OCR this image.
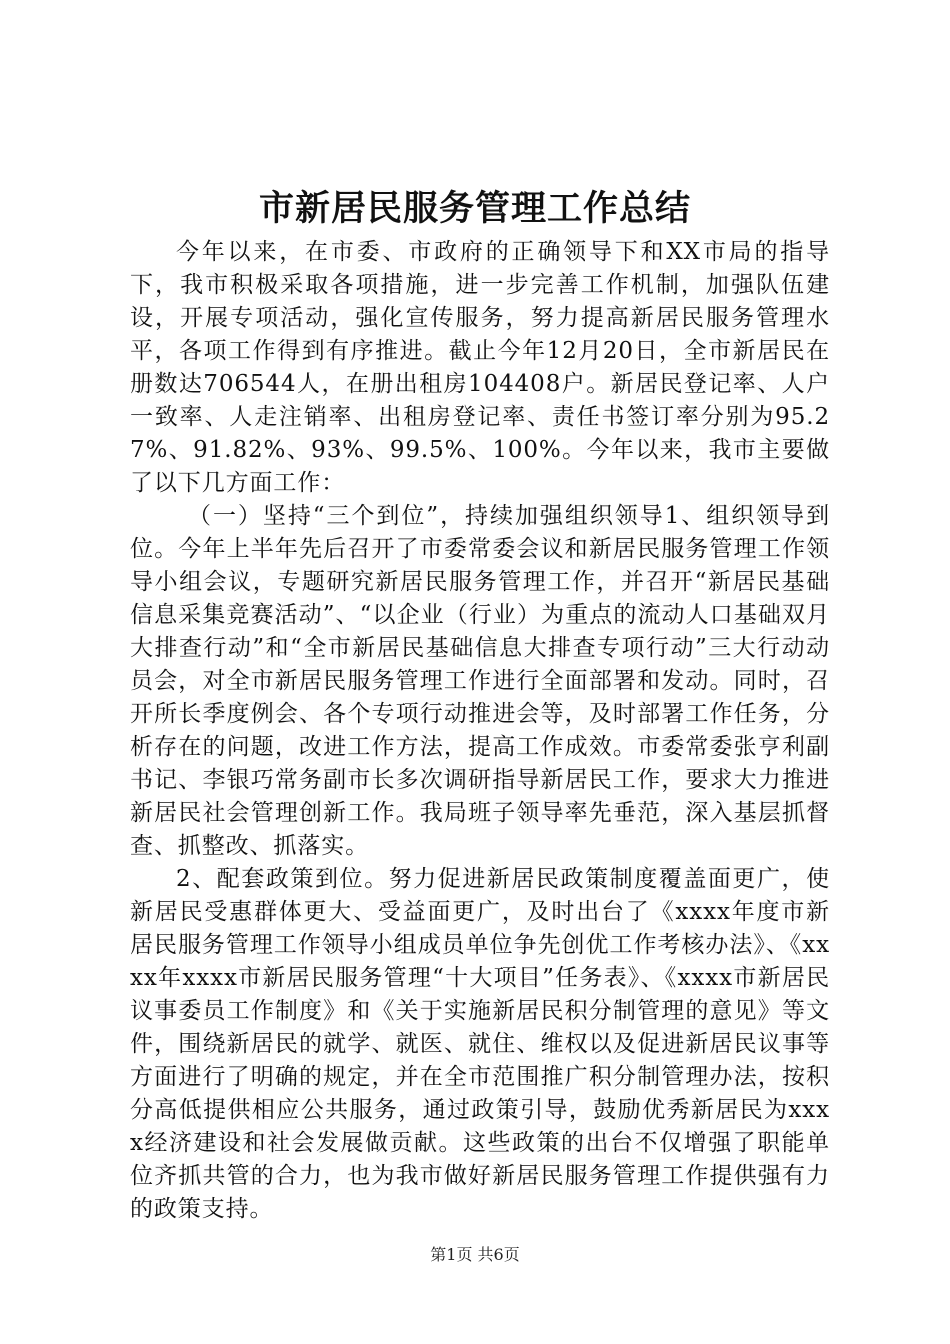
市新居民服务管理工作总结

今年以来，在市委、市政府的正确领导下和XX市局的指导下，我市积极采取各项措施，进一步完善工作机制，加强队伍建设，开展专项活动，强化宣传服务，努力提高新居民服务管理水平，各项工作得到有序推进。截止今年12月20日，全市新居民在册数达706544人，在册出租房104408户。新居民登记率、人户一致率、人走注销率、出租房登记率、责任书签订率分别为95.27%、91.82%、93%、99.5%、100%。今年以来，我市主要做了以下几方面工作：

（一）坚持“三个到位”，持续加强组织领导1、组织领导到位。今年上半年先后召开了市委常委会议和新居民服务管理工作领导小组会议，专题研究新居民服务管理工作，并召开“新居民基础信息采集竞赛活动”、“以企业（行业）为重点的流动人口基础双月大排查行动”和“全市新居民基础信息大排查专项行动”三大行动动员会，对全市新居民服务管理工作进行全面部署和发动。同时，召开所长季度例会、各个专项行动推进会等，及时部署工作任务，分析存在的问题，改进工作方法，提高工作成效。市委常委张亨利副书记、李银巧常务副市长多次调研指导新居民工作，要求大力推进新居民社会管理创新工作。我局班子领导率先垂范，深入基层抓督查、抓整改、抓落实。

2、配套政策到位。努力促进新居民政策制度覆盖面更广，使新居民受惠群体更大、受益面更广，及时出台了《xxxx年度市新居民服务管理工作领导小组成员单位争先创优工作考核办法》、《xxxx年xxxx市新居民服务管理“十大项目”任务表》、《xxxx市新居民议事委员工作制度》和《关于实施新居民积分制管理的意见》等文件，围绕新居民的就学、就医、就住、维权以及促进新居民议事等方面进行了明确的规定，并在全市范围推广积分制管理办法，按积分高低提供相应公共服务，通过政策引导，鼓励优秀新居民为xxxx经济建设和社会发展做贡献。这些政策的出台不仅增强了职能单位齐抓共管的合力，也为我市做好新居民服务管理工作提供强有力的政策支持。

第1页 共6页
